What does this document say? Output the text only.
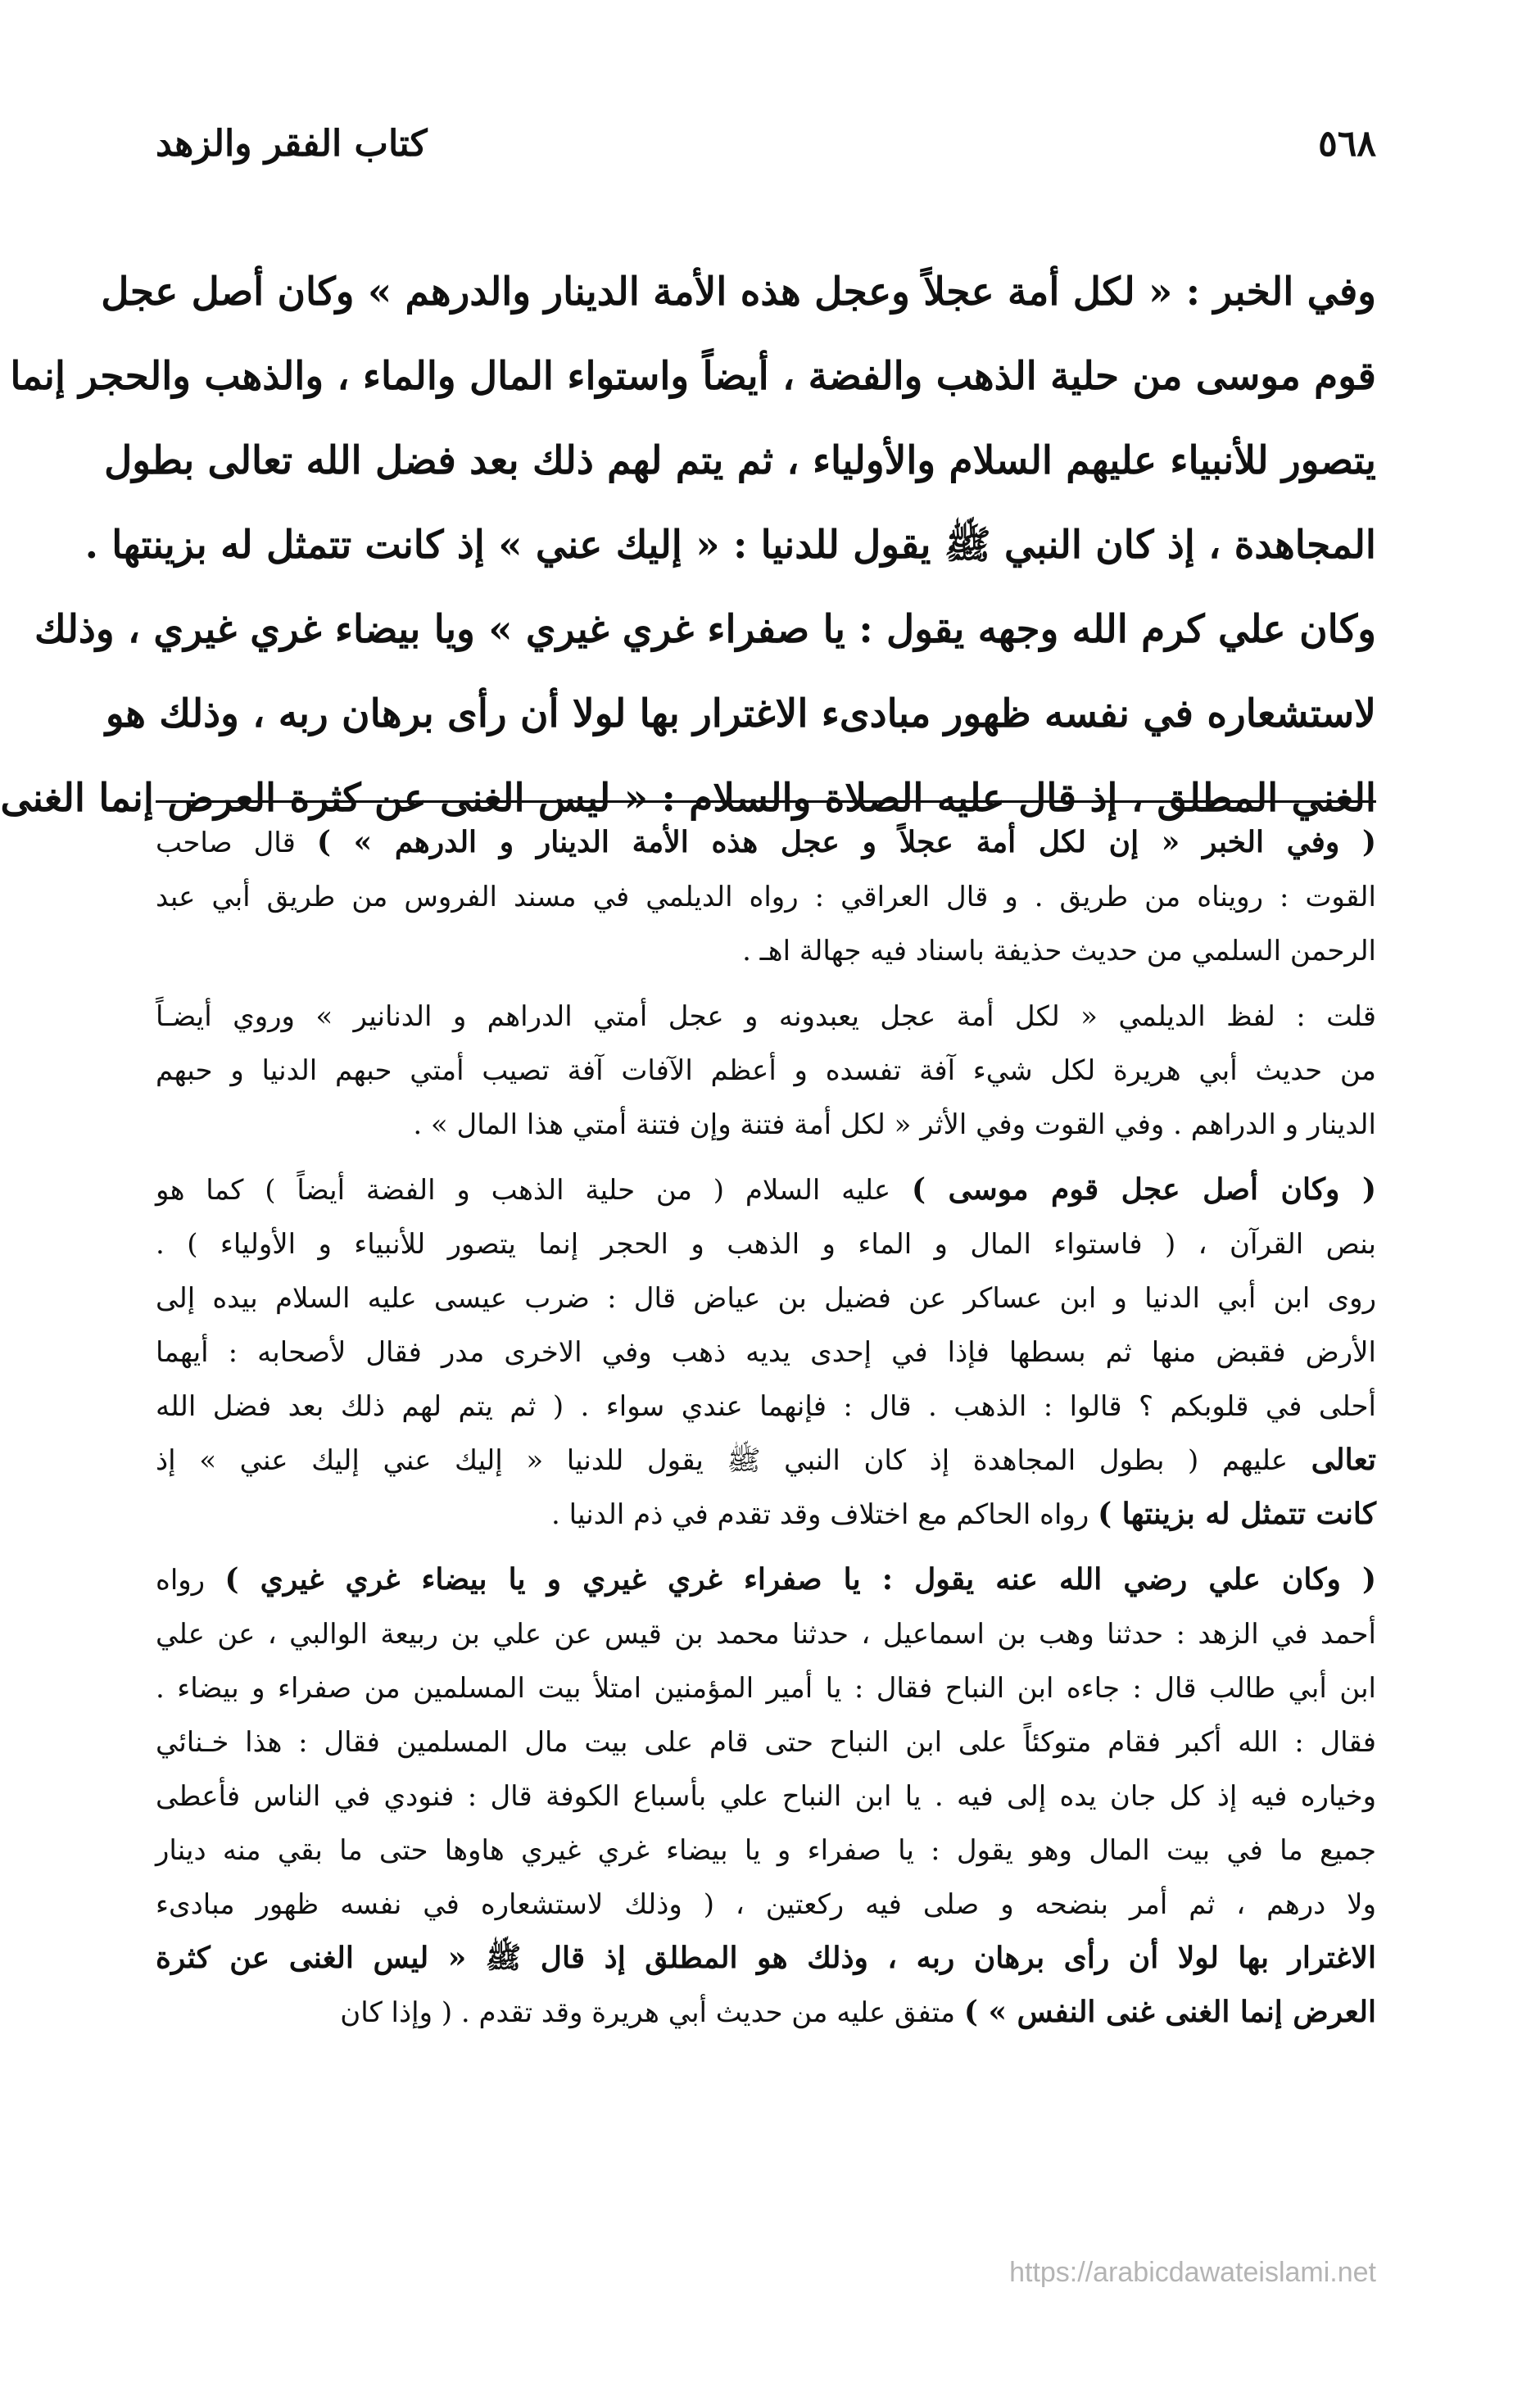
٥٦٨
كتاب الفقر والزهد
وفي الخبر : « لكل أمة عجلاً وعجل هذه الأمة الدينار والدرهم » وكان أصل عجل
قوم موسى من حلية الذهب والفضة ، أيضاً واستواء المال والماء ، والذهب والحجر إنما
يتصور للأنبياء عليهم السلام والأولياء ، ثم يتم لهم ذلك بعد فضل الله تعالى بطول
المجاهدة ، إذ كان النبي ﷺ يقول للدنيا : « إليك عني » إذ كانت تتمثل له بزينتها .
وكان علي كرم الله وجهه يقول : يا صفراء غري غيري » ويا بيضاء غري غيري ، وذلك
لاستشعاره في نفسه ظهور مبادىء الاغترار بها لولا أن رأى برهان ربه ، وذلك هو
الغني المطلق ، إذ قال عليه الصلاة والسلام : « ليس الغنى عن كثرة العرض إنما الغنى
( وفي الخبر « إن لكل أمة عجلاً و عجل هذه الأمة الدينار و الدرهم » ) قال صاحب
القوت : رويناه من طريق . و قال العراقي : رواه الديلمي في مسند الفروس من طريق أبي عبد
الرحمن السلمي من حديث حذيفة باسناد فيه جهالة اهـ .
قلت : لفظ الديلمي « لكل أمة عجل يعبدونه و عجل أمتي الدراهم و الدنانير » وروي أيضـاً
من حديث أبي هريرة لكل شيء آفة تفسده و أعظم الآفات آفة تصيب أمتي حبهم الدنيا و حبهم
الدينار و الدراهم . وفي القوت وفي الأثر « لكل أمة فتنة وإن فتنة أمتي هذا المال » .
( وكان أصل عجل قوم موسى ) عليه السلام ( من حلية الذهب و الفضة أيضاً ) كما هو
بنص القرآن ، ( فاستواء المال و الماء و الذهب و الحجر إنما يتصور للأنبياء و الأولياء ) .
روى ابن أبي الدنيا و ابن عساكر عن فضيل بن عياض قال : ضرب عيسى عليه السلام بيده إلى
الأرض فقبض منها ثم بسطها فإذا في إحدى يديه ذهب وفي الاخرى مدر فقال لأصحابه : أيهما
أحلى في قلوبكم ؟ قالوا : الذهب . قال : فإنهما عندي سواء . ( ثم يتم لهم ذلك بعد فضل الله
تعالى عليهم ( بطول المجاهدة إذ كان النبي ﷺ يقول للدنيا « إليك عني إليك عني » إذ
كانت تتمثل له بزينتها ) رواه الحاكم مع اختلاف وقد تقدم في ذم الدنيا .
( وكان علي رضي الله عنه يقول : يا صفراء غري غيري و يا بيضاء غري غيري ) رواه
أحمد في الزهد : حدثنا وهب بن اسماعيل ، حدثنا محمد بن قيس عن علي بن ربيعة الوالبي ، عن علي
ابن أبي طالب قال : جاءه ابن النباح فقال : يا أمير المؤمنين امتلأ بيت المسلمين من صفراء و بيضاء .
فقال : الله أكبر فقام متوكئاً على ابن النباح حتى قام على بيت مال المسلمين فقال : هذا خـنائي
وخياره فيه إذ كل جان يده إلى فيه . يا ابن النباح علي بأسباع الكوفة قال : فنودي في الناس فأعطى
جميع ما في بيت المال وهو يقول : يا صفراء و يا بيضاء غري غيري هاوها حتى ما بقي منه دينار
ولا درهم ، ثم أمر بنضحه و صلى فيه ركعتين ، ( وذلك لاستشعاره في نفسه ظهور مبادىء
الاغترار بها لولا أن رأى برهان ربه ، وذلك هو المطلق إذ قال ﷺ « ليس الغنى عن كثرة
العرض إنما الغنى غنى النفس » ) متفق عليه من حديث أبي هريرة وقد تقدم . ( وإذا كان
https://arabicdawateislami.net
